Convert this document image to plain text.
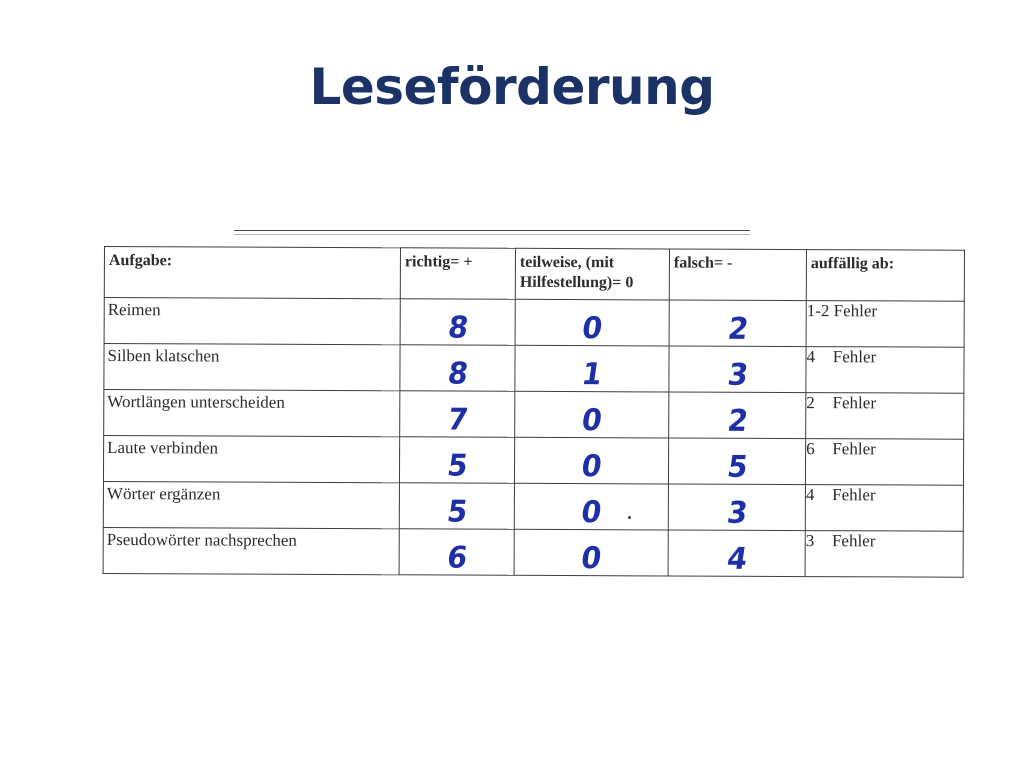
Leseförderung
Aufgabe:	richtig= +	teilweise, (mit Hilfestellung)= 0	falsch= -	auffällig ab:

Reimen	8	0	2	1-2 Fehler

Silben klatschen	8	1	3	4 Fehler

Wortlängen unterscheiden	7	0	2	2 Fehler

Laute verbinden	5	0	5	6 Fehler

Wörter ergänzen	5	0	3	4 Fehler

Pseudowörter nachsprechen	6	0	4	3 Fehler
